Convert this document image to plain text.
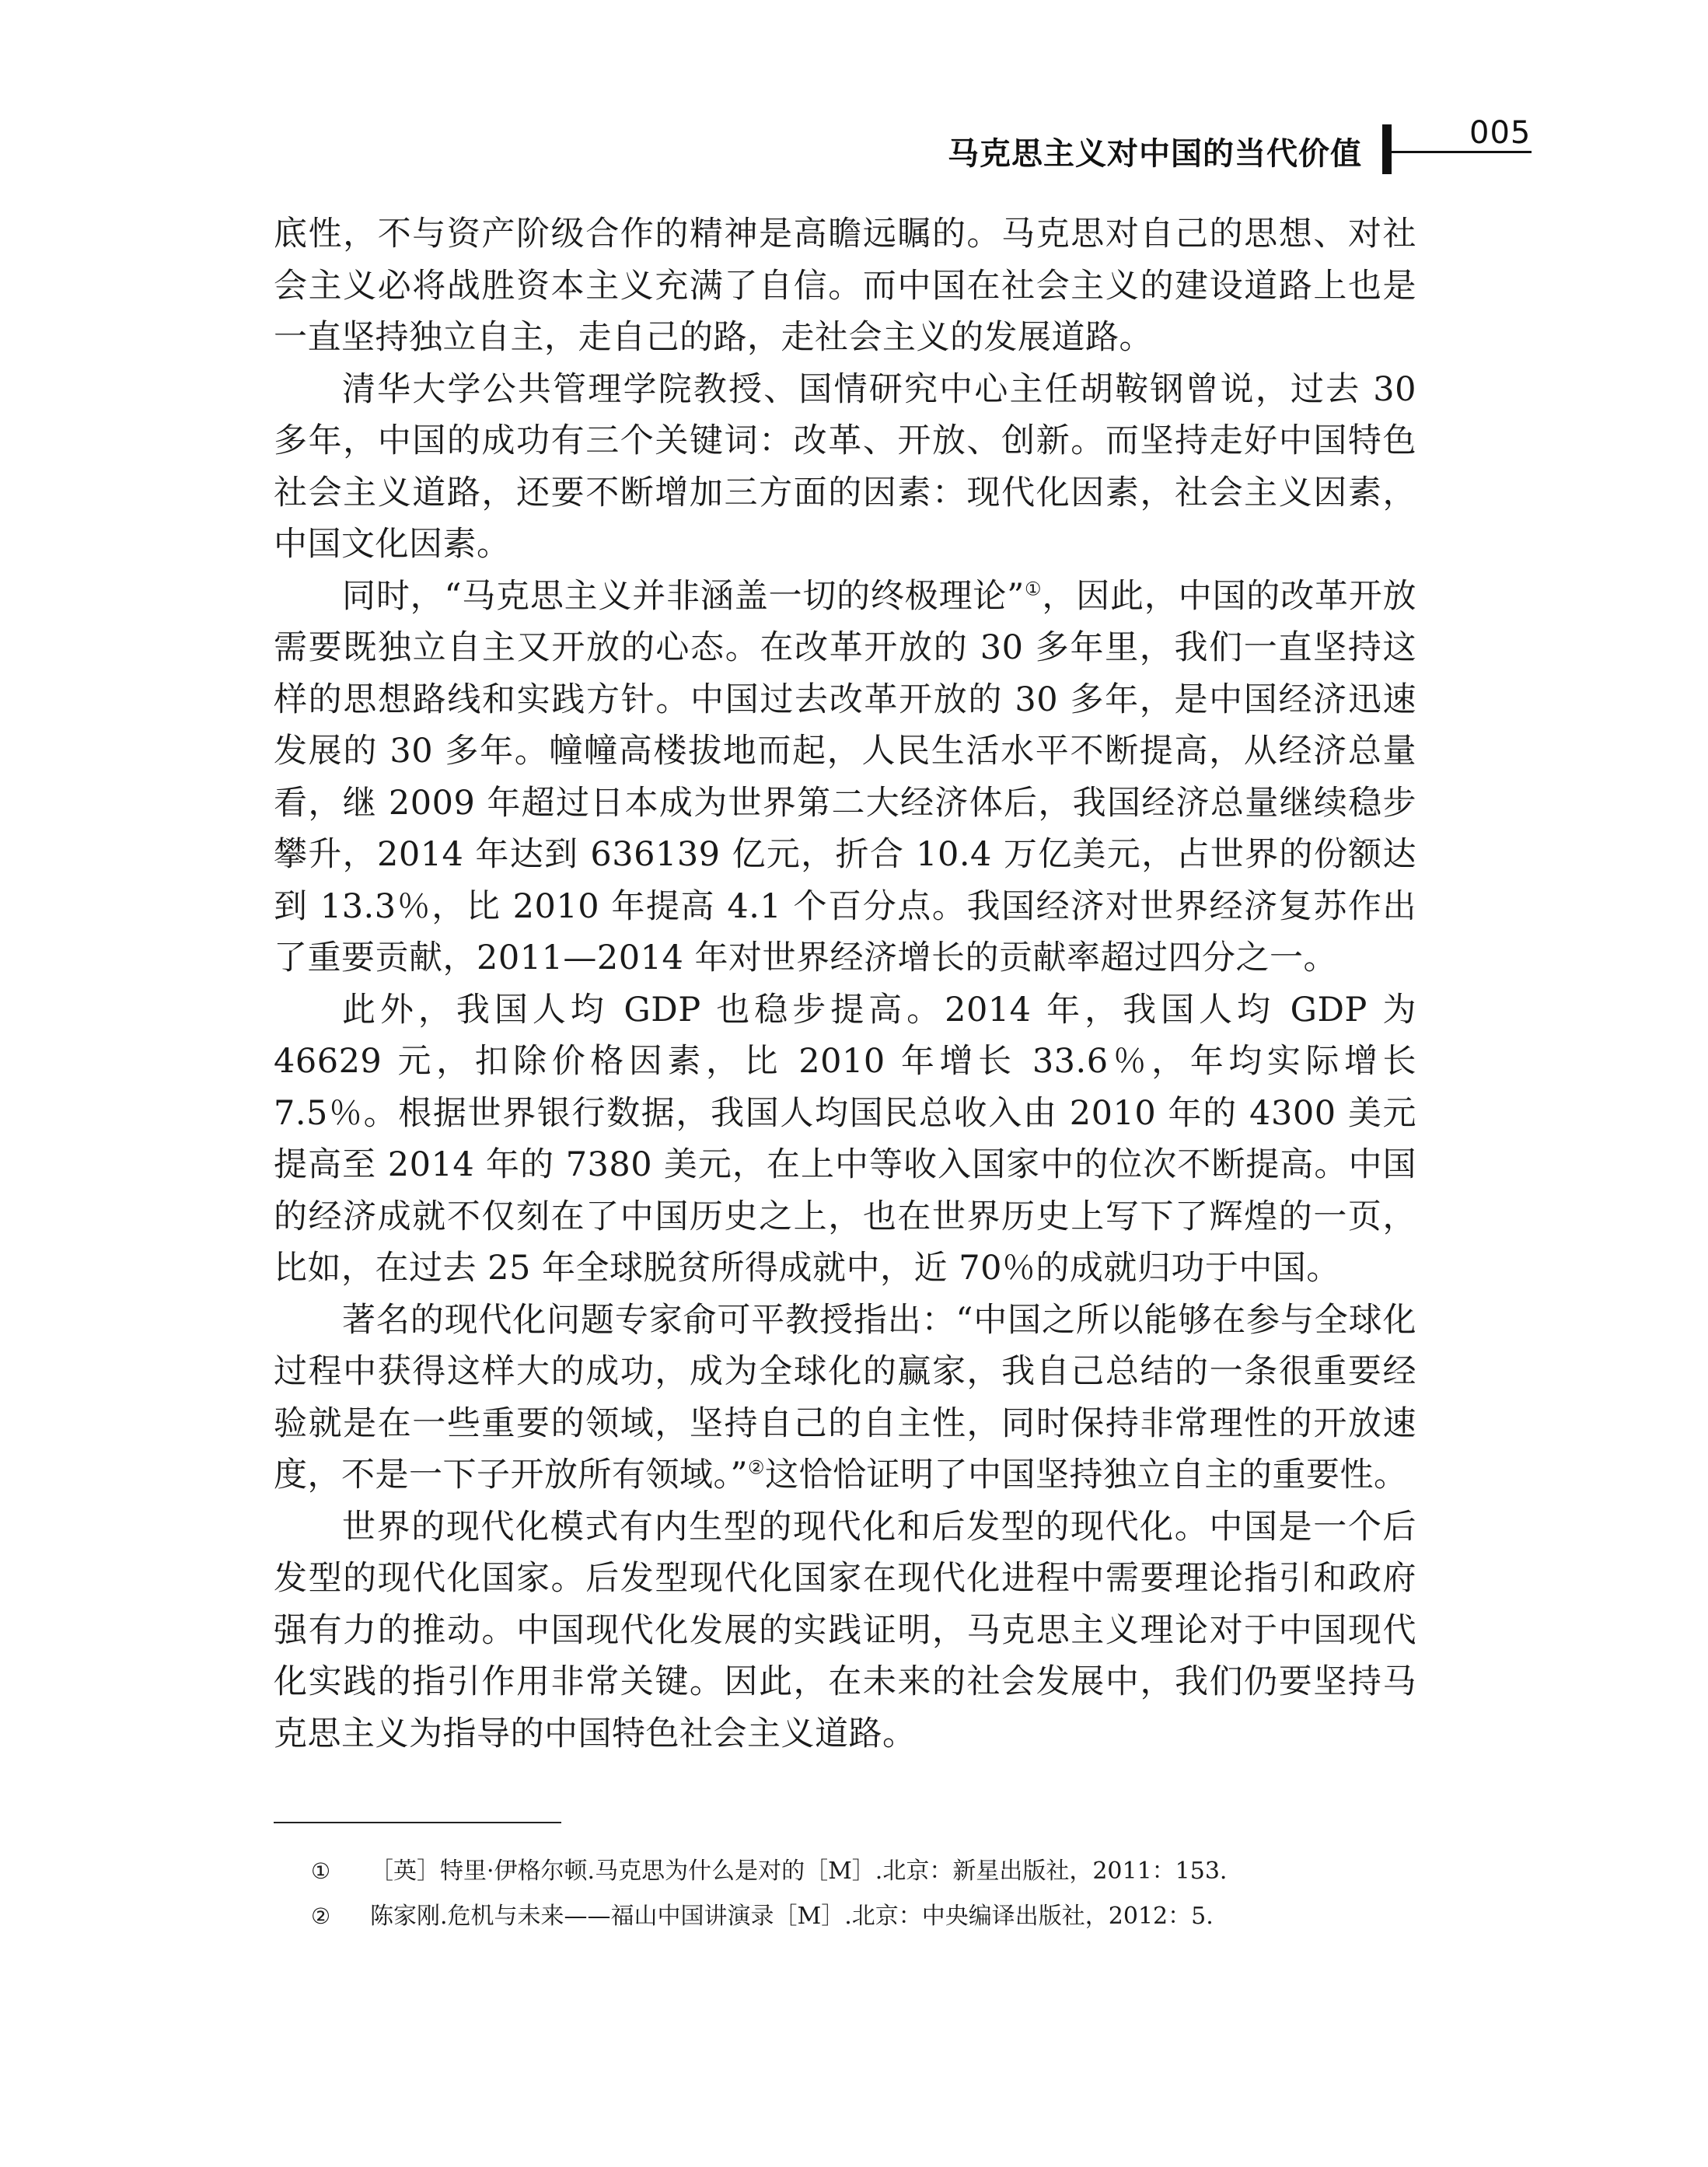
马克思主义对中国的当代价值
005

底性，不与资产阶级合作的精神是高瞻远瞩的。马克思对自己的思想、对社会主义必将战胜资本主义充满了自信。而中国在社会主义的建设道路上也是一直坚持独立自主，走自己的路，走社会主义的发展道路。

清华大学公共管理学院教授、国情研究中心主任胡鞍钢曾说，过去 30 多年，中国的成功有三个关键词：改革、开放、创新。而坚持走好中国特色社会主义道路，还要不断增加三方面的因素：现代化因素，社会主义因素，中国文化因素。

同时，“马克思主义并非涵盖一切的终极理论”①，因此，中国的改革开放需要既独立自主又开放的心态。在改革开放的 30 多年里，我们一直坚持这样的思想路线和实践方针。中国过去改革开放的 30 多年，是中国经济迅速发展的 30 多年。幢幢高楼拔地而起，人民生活水平不断提高，从经济总量看，继 2009 年超过日本成为世界第二大经济体后，我国经济总量继续稳步攀升，2014 年达到 636139 亿元，折合 10.4 万亿美元，占世界的份额达到 13.3％，比 2010 年提高 4.1 个百分点。我国经济对世界经济复苏作出了重要贡献，2011—2014 年对世界经济增长的贡献率超过四分之一。

此外，我国人均 GDP 也稳步提高。2014 年，我国人均 GDP 为 46629 元，扣除价格因素，比 2010 年增长 33.6％，年均实际增长 7.5％。根据世界银行数据，我国人均国民总收入由 2010 年的 4300 美元提高至 2014 年的 7380 美元，在上中等收入国家中的位次不断提高。中国的经济成就不仅刻在了中国历史之上，也在世界历史上写下了辉煌的一页，比如，在过去 25 年全球脱贫所得成就中，近 70％的成就归功于中国。

著名的现代化问题专家俞可平教授指出：“中国之所以能够在参与全球化过程中获得这样大的成功，成为全球化的赢家，我自己总结的一条很重要经验就是在一些重要的领域，坚持自己的自主性，同时保持非常理性的开放速度，不是一下子开放所有领域。”②这恰恰证明了中国坚持独立自主的重要性。

世界的现代化模式有内生型的现代化和后发型的现代化。中国是一个后发型的现代化国家。后发型现代化国家在现代化进程中需要理论指引和政府强有力的推动。中国现代化发展的实践证明，马克思主义理论对于中国现代化实践的指引作用非常关键。因此，在未来的社会发展中，我们仍要坚持马克思主义为指导的中国特色社会主义道路。

①	［英］特里·伊格尔顿.马克思为什么是对的［M］.北京：新星出版社，2011：153.
②	陈家刚.危机与未来——福山中国讲演录［M］.北京：中央编译出版社，2012：5.
